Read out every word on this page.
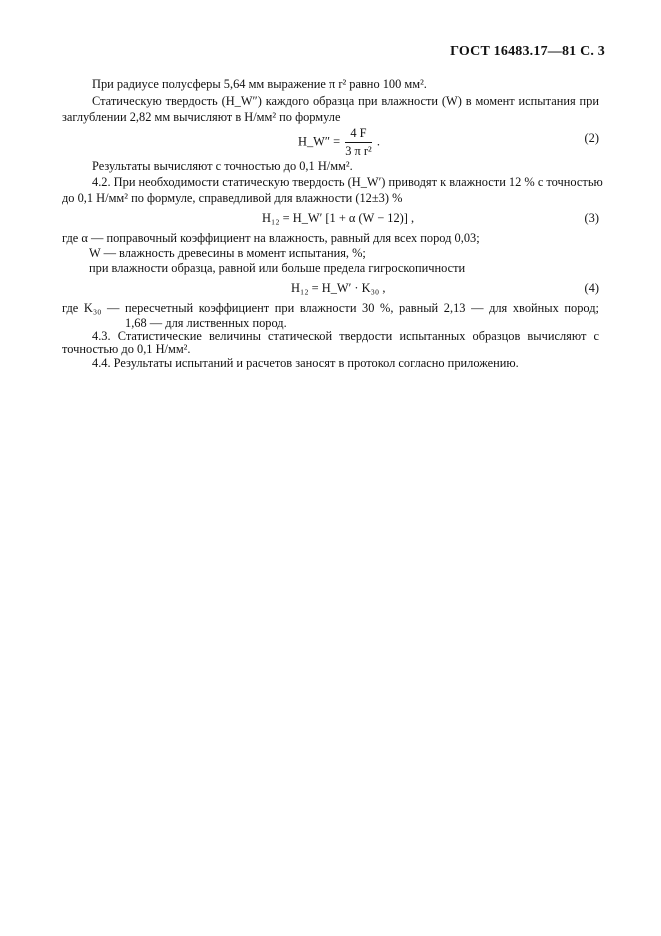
ГОСТ 16483.17—81 С. 3
При радиусе полусферы 5,64 мм выражение π r² равно 100 мм².
Статическую твердость (H_W″) каждого образца при влажности (W) в момент испытания при
заглублении 2,82 мм вычисляют в Н/мм² по формуле
H_W″ = $\frac{4 F}{\text{3 π r²}}$ .	(2)
Результаты вычисляют с точностью до 0,1 Н/мм².
4.2. При необходимости статическую твердость (H_W′) приводят к влажности 12 % с точностью
до 0,1 Н/мм² по формуле, справедливой для влажности (12±3) %
H₁₂ = H_W′ [1 + α (W − 12)] ,	(3)
где α — поправочный коэффициент на влажность, равный для всех пород 0,03;
W — влажность древесины в момент испытания, %;
при влажности образца, равной или больше предела гигроскопичности
H₁₂ = H_W′ · K₃₀ ,	(4)
где K₃₀ — пересчетный коэффициент при влажности 30 %, равный 2,13 — для хвойных пород;
1,68 — для лиственных пород.
4.3. Статистические величины статической твердости испытанных образцов вычисляют с
точностью до 0,1 Н/мм².
4.4. Результаты испытаний и расчетов заносят в протокол согласно приложению.
